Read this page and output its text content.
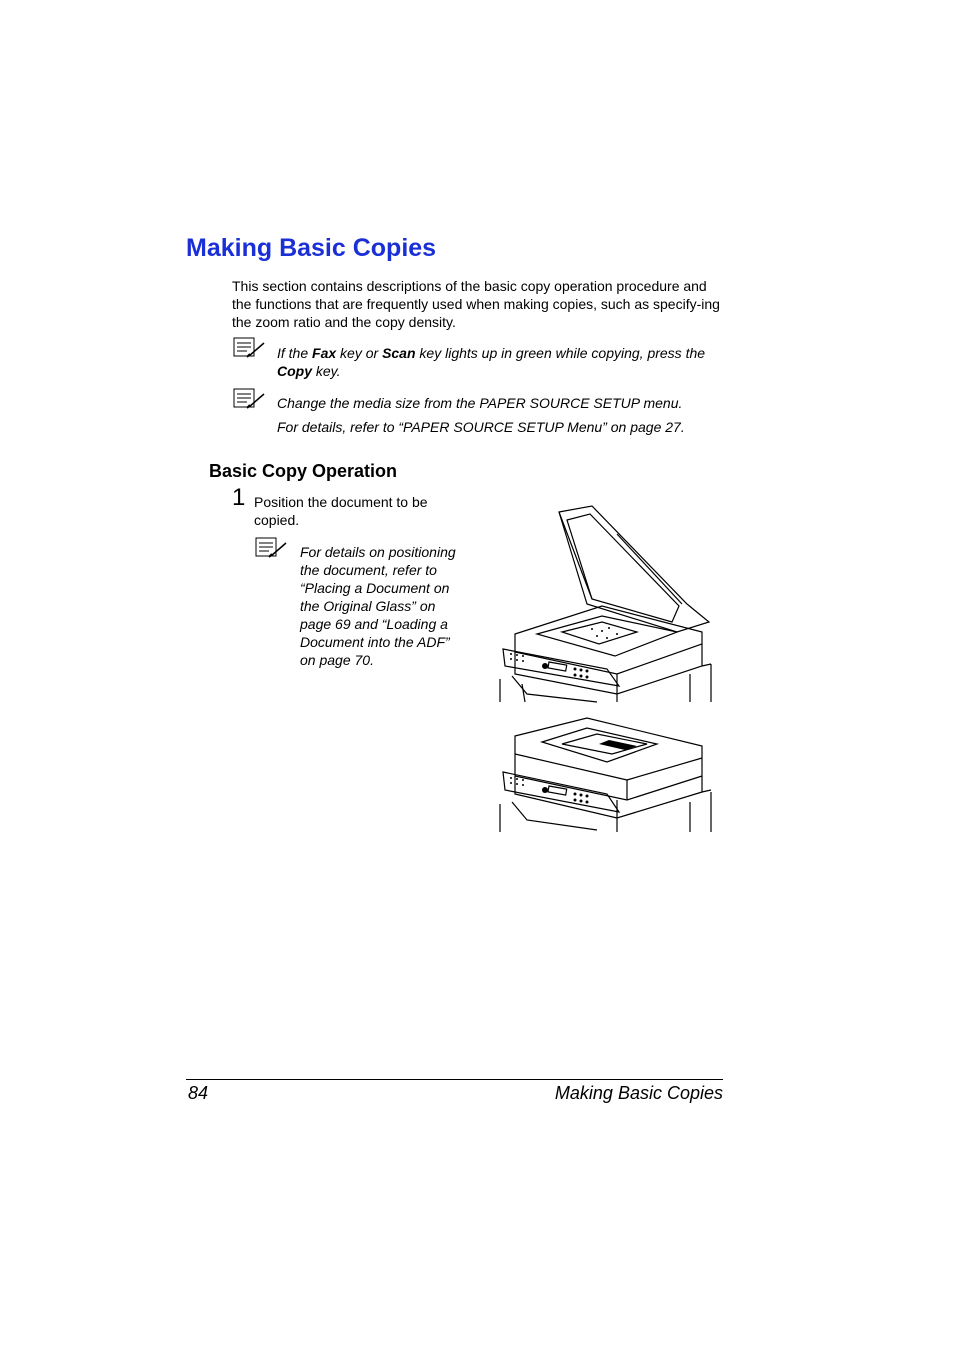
Making Basic Copies
This section contains descriptions of the basic copy operation procedure and the functions that are frequently used when making copies, such as specify-ing the zoom ratio and the copy density.
If the Fax key or Scan key lights up in green while copying, press the Copy key.
Change the media size from the PAPER SOURCE SETUP menu.
For details, refer to “PAPER SOURCE SETUP Menu” on page 27.
Basic Copy Operation
1 Position the document to be copied.
For details on positioning the document, refer to “Placing a Document on the Original Glass” on page 69 and “Loading a Document into the ADF” on page 70.
84	Making Basic Copies
